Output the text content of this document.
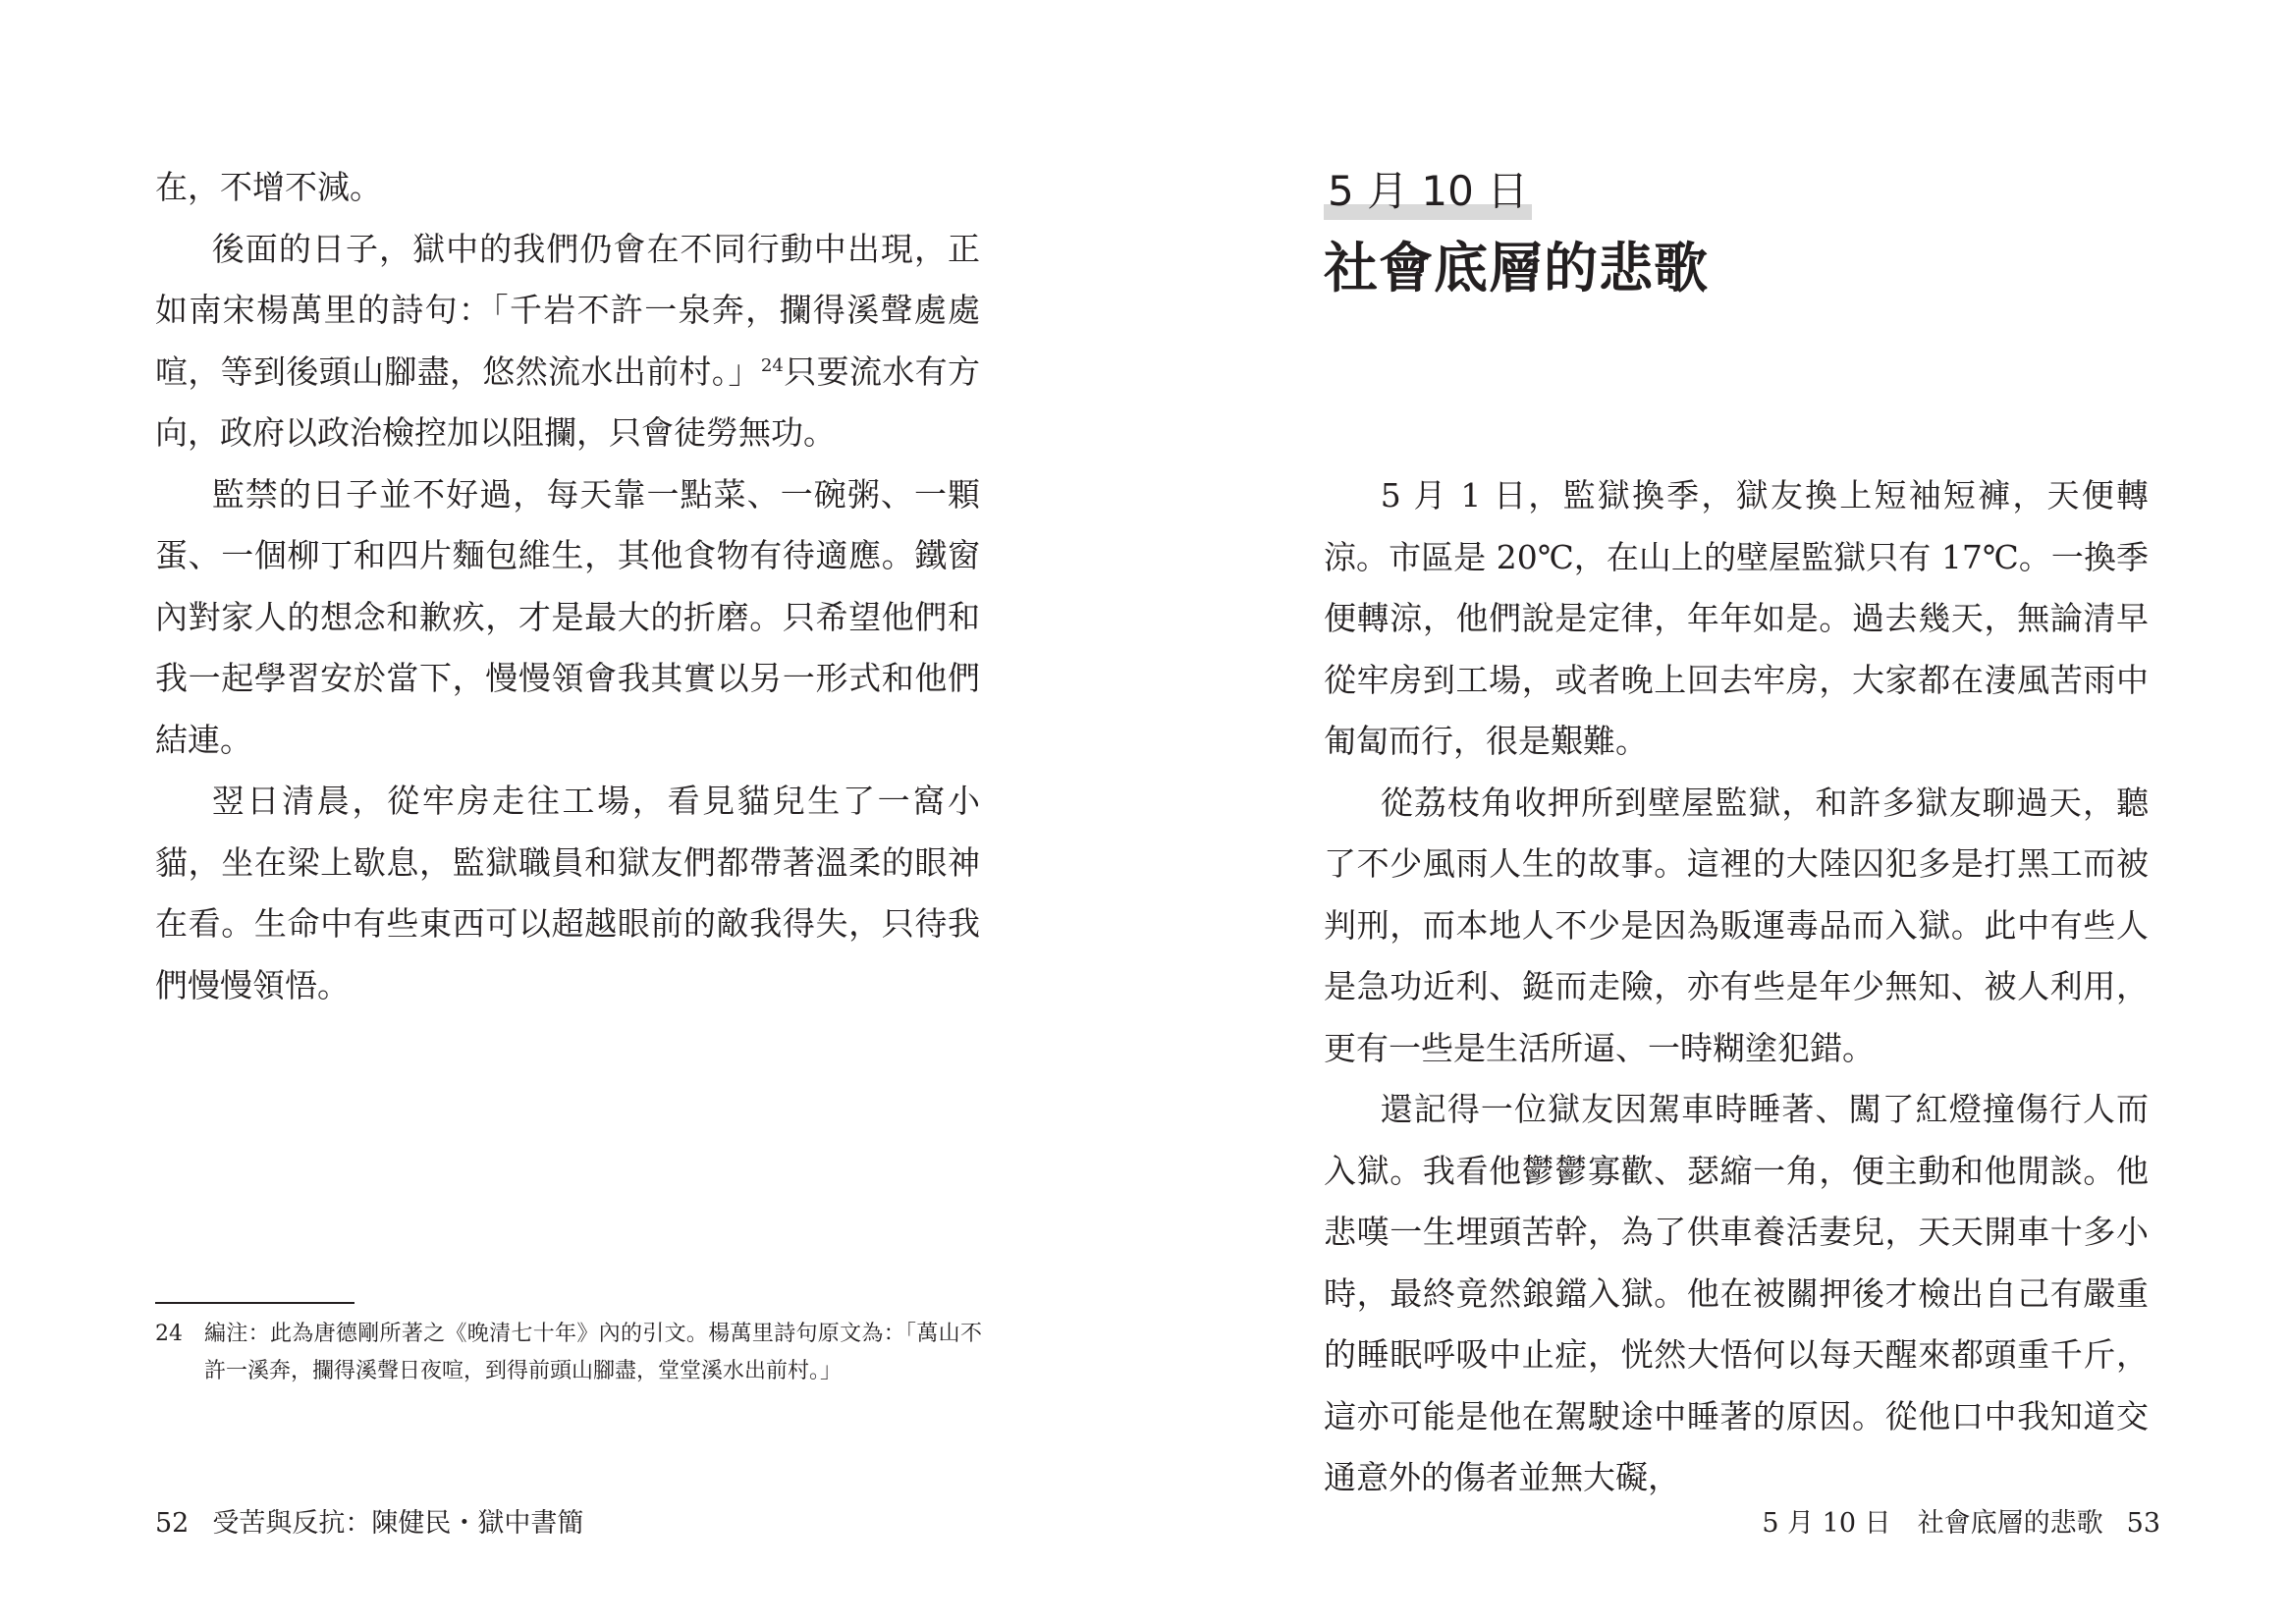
在，不增不減。

後面的日子，獄中的我們仍會在不同行動中出現，正如南宋楊萬里的詩句：「千岩不許一泉奔，攔得溪聲處處喧，等到後頭山腳盡，悠然流水出前村。」$^{24}$只要流水有方向，政府以政治檢控加以阻攔，只會徒勞無功。

監禁的日子並不好過，每天靠一點菜、一碗粥、一顆蛋、一個柳丁和四片麵包維生，其他食物有待適應。鐵窗內對家人的想念和歉疚，才是最大的折磨。只希望他們和我一起學習安於當下，慢慢領會我其實以另一形式和他們結連。

翌日清晨，從牢房走往工場，看見貓兒生了一窩小貓，坐在梁上歇息，監獄職員和獄友們都帶著溫柔的眼神在看。生命中有些東西可以超越眼前的敵我得失，只待我們慢慢領悟。

24 編注：此為唐德剛所著之《晚清七十年》內的引文。楊萬里詩句原文為：「萬山不許一溪奔，攔得溪聲日夜喧，到得前頭山腳盡，堂堂溪水出前村。」
52 受苦與反抗：陳健民・獄中書簡
5 月 10 日
社會底層的悲歌

5 月 1 日，監獄換季，獄友換上短袖短褲，天便轉涼。市區是 20℃，在山上的壁屋監獄只有 17℃。一換季便轉涼，他們說是定律，年年如是。過去幾天，無論清早從牢房到工場，或者晚上回去牢房，大家都在淒風苦雨中匍匐而行，很是艱難。

從荔枝角收押所到壁屋監獄，和許多獄友聊過天，聽了不少風雨人生的故事。這裡的大陸囚犯多是打黑工而被判刑，而本地人不少是因為販運毒品而入獄。此中有些人是急功近利、鋌而走險，亦有些是年少無知、被人利用，更有一些是生活所逼、一時糊塗犯錯。

還記得一位獄友因駕車時睡著、闖了紅燈撞傷行人而入獄。我看他鬱鬱寡歡、瑟縮一角，便主動和他閒談。他悲嘆一生埋頭苦幹，為了供車養活妻兒，天天開車十多小時，最終竟然鋃鐺入獄。他在被關押後才檢出自己有嚴重的睡眠呼吸中止症，恍然大悟何以每天醒來都頭重千斤，這亦可能是他在駕駛途中睡著的原因。從他口中我知道交通意外的傷者並無大礙，

5 月 10 日　社會底層的悲歌 53
